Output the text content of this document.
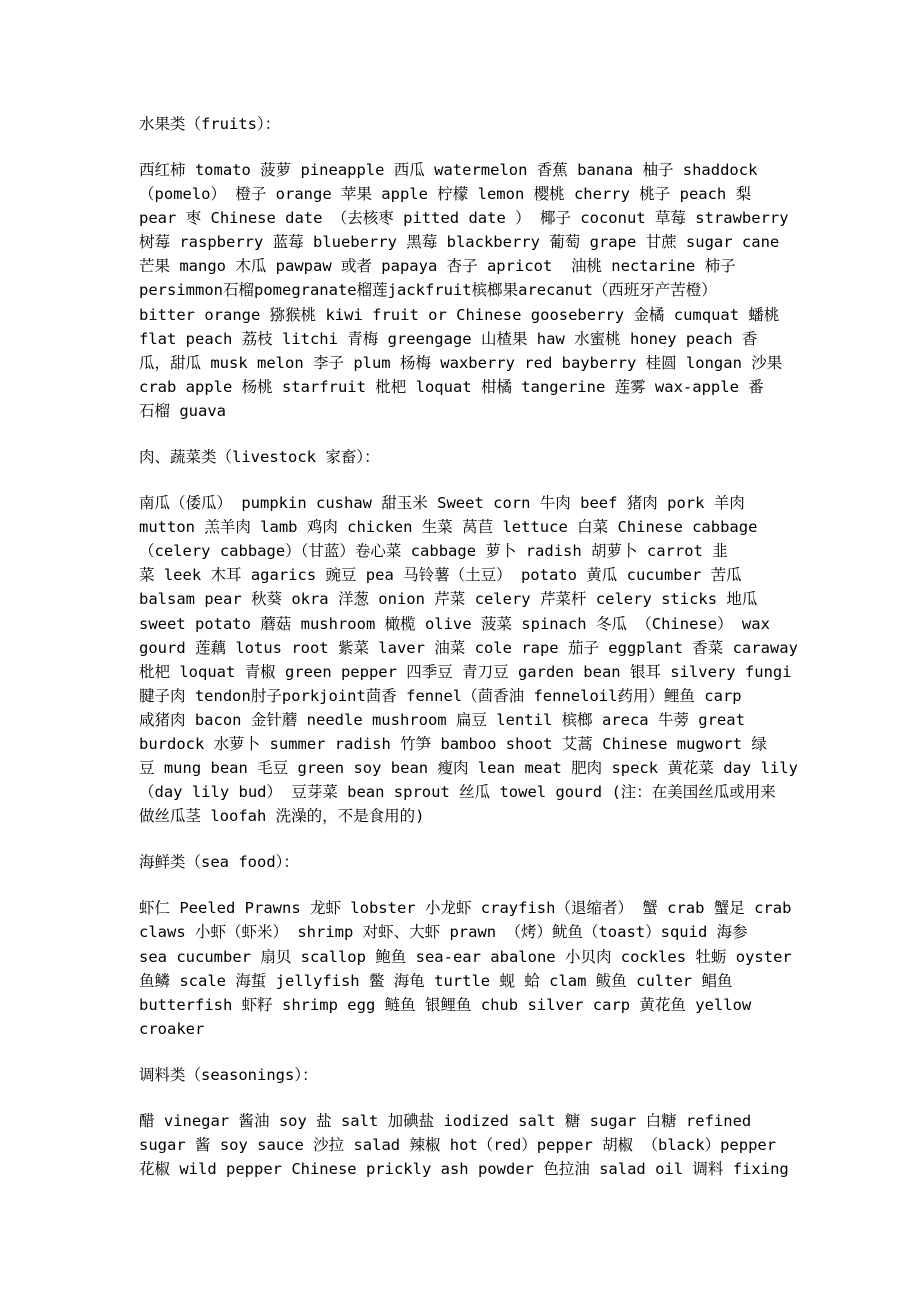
水果类（fruits）：
西红柿 tomato 菠萝 pineapple 西瓜 watermelon 香蕉 banana 柚子 shaddock
（pomelo） 橙子 orange 苹果 apple 柠檬 lemon 樱桃 cherry 桃子 peach 梨
pear 枣 Chinese date （去核枣 pitted date ） 椰子 coconut 草莓 strawberry
树莓 raspberry 蓝莓 blueberry 黑莓 blackberry 葡萄 grape 甘蔗 sugar cane
芒果 mango 木瓜 pawpaw 或者 papaya 杏子 apricot  油桃 nectarine 柿子
persimmon石榴pomegranate榴莲jackfruit槟榔果arecanut（西班牙产苦橙）
bitter orange 猕猴桃 kiwi fruit or Chinese gooseberry 金橘 cumquat 蟠桃
flat peach 荔枝 litchi 青梅 greengage 山楂果 haw 水蜜桃 honey peach 香
瓜，甜瓜 musk melon 李子 plum 杨梅 waxberry red bayberry 桂圆 longan 沙果
crab apple 杨桃 starfruit 枇杷 loquat 柑橘 tangerine 莲雾 wax-apple 番
石榴 guava
肉、蔬菜类（livestock 家畜）：
南瓜（倭瓜） pumpkin cushaw 甜玉米 Sweet corn 牛肉 beef 猪肉 pork 羊肉
mutton 羔羊肉 lamb 鸡肉 chicken 生菜 莴苣 lettuce 白菜 Chinese cabbage
（celery cabbage）（甘蓝）卷心菜 cabbage 萝卜 radish 胡萝卜 carrot 韭
菜 leek 木耳 agarics 豌豆 pea 马铃薯（土豆） potato 黄瓜 cucumber 苦瓜
balsam pear 秋葵 okra 洋葱 onion 芹菜 celery 芹菜杆 celery sticks 地瓜
sweet potato 蘑菇 mushroom 橄榄 olive 菠菜 spinach 冬瓜 （Chinese） wax
gourd 莲藕 lotus root 紫菜 laver 油菜 cole rape 茄子 eggplant 香菜 caraway
枇杷 loquat 青椒 green pepper 四季豆 青刀豆 garden bean 银耳 silvery fungi
腱子肉 tendon肘子porkjoint茴香 fennel（茴香油 fenneloil药用）鲤鱼 carp
咸猪肉 bacon 金针蘑 needle mushroom 扁豆 lentil 槟榔 areca 牛蒡 great
burdock 水萝卜 summer radish 竹笋 bamboo shoot 艾蒿 Chinese mugwort 绿
豆 mung bean 毛豆 green soy bean 瘦肉 lean meat 肥肉 speck 黄花菜 day lily
（day lily bud） 豆芽菜 bean sprout 丝瓜 towel gourd (注：在美国丝瓜或用来
做丝瓜茎 loofah 洗澡的，不是食用的)
海鲜类（sea food）：
虾仁 Peeled Prawns 龙虾 lobster 小龙虾 crayfish（退缩者） 蟹 crab 蟹足 crab
claws 小虾（虾米） shrimp 对虾、大虾 prawn （烤）鱿鱼（toast）squid 海参
sea cucumber 扇贝 scallop 鲍鱼 sea-ear abalone 小贝肉 cockles 牡蛎 oyster
鱼鳞 scale 海蜇 jellyfish 鳖 海龟 turtle 蚬 蛤 clam 鲅鱼 culter 鲳鱼
butterfish 虾籽 shrimp egg 鲢鱼 银鲤鱼 chub silver carp 黄花鱼 yellow
croaker
调料类（seasonings）：
醋 vinegar 酱油 soy 盐 salt 加碘盐 iodized salt 糖 sugar 白糖 refined
sugar 酱 soy sauce 沙拉 salad 辣椒 hot（red）pepper 胡椒 （black）pepper
花椒 wild pepper Chinese prickly ash powder 色拉油 salad oil 调料 fixing
